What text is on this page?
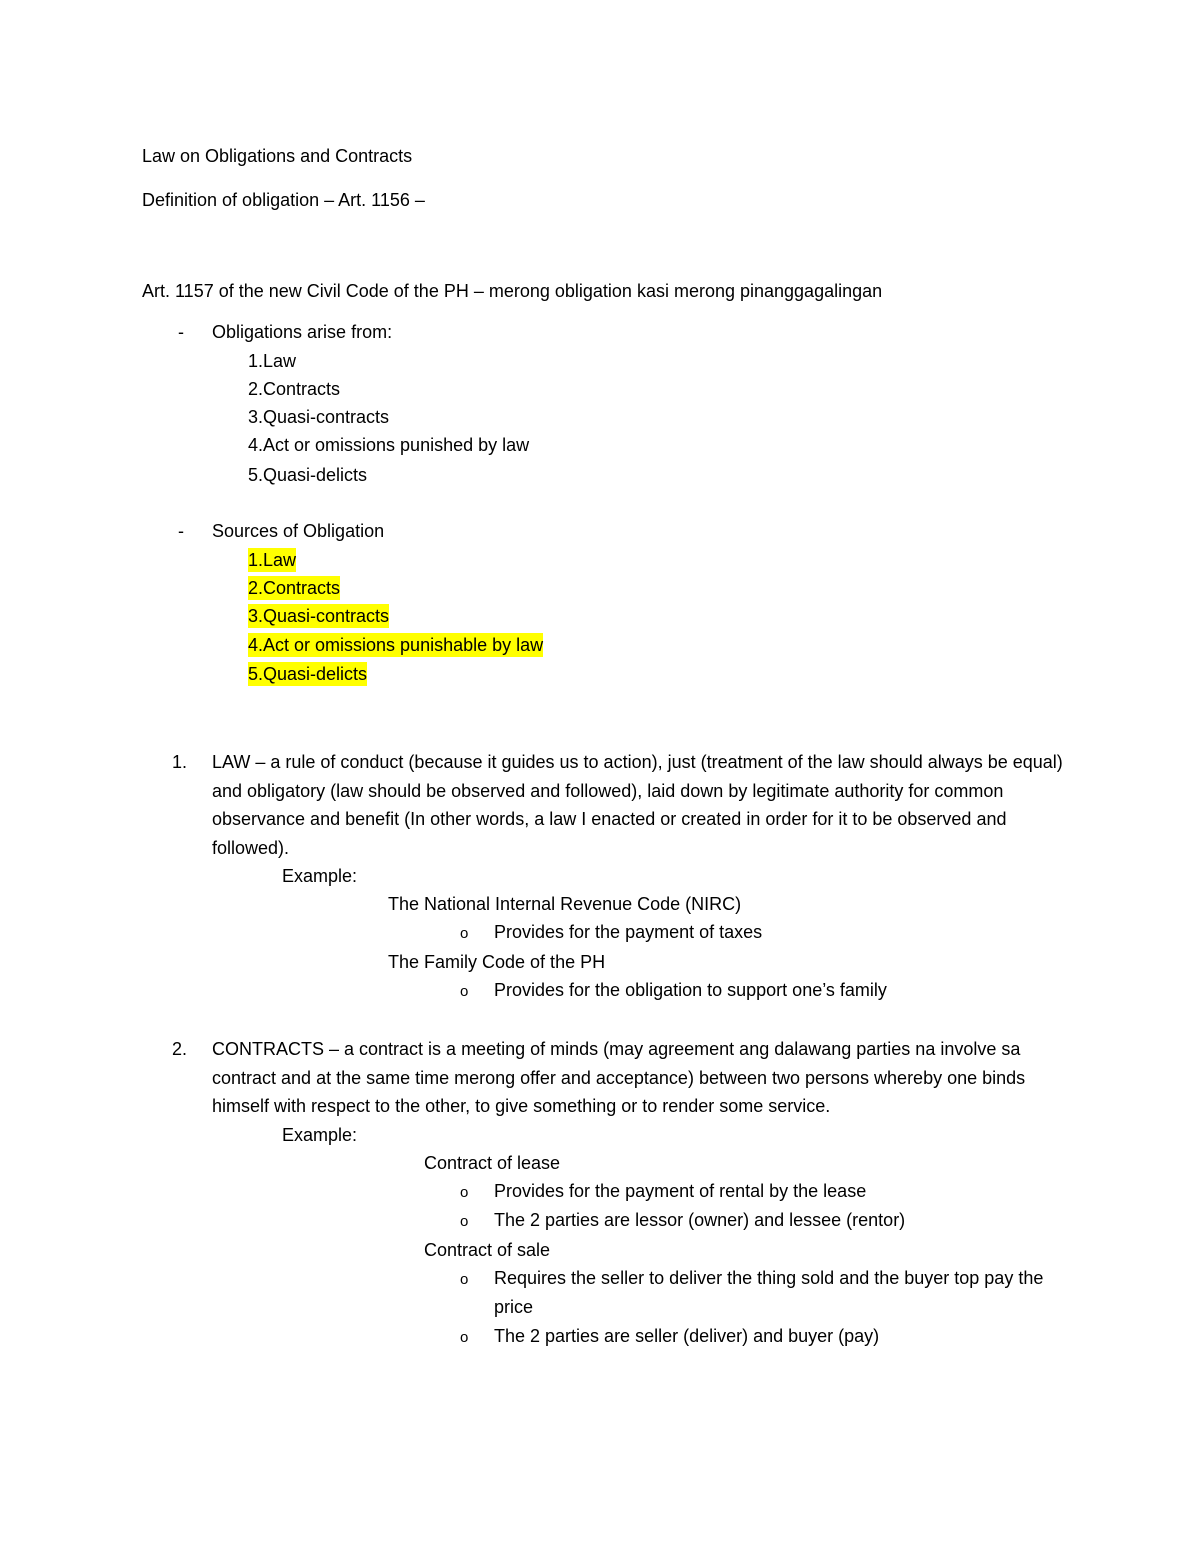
Law on Obligations and Contracts
Definition of obligation – Art. 1156 –
Art. 1157 of the new Civil Code of the PH – merong obligation kasi merong pinanggagalingan
- Obligations arise from:
1.Law
2.Contracts
3.Quasi-contracts
4.Act or omissions punished by law
5.Quasi-delicts
- Sources of Obligation
1.Law
2.Contracts
3.Quasi-contracts
4.Act or omissions punishable by law
5.Quasi-delicts
1. LAW – a rule of conduct (because it guides us to action), just (treatment of the law should always be equal) and obligatory (law should be observed and followed), laid down by legitimate authority for common observance and benefit (In other words, a law I enacted or created in order for it to be observed and followed).
Example:
The National Internal Revenue Code (NIRC)
o Provides for the payment of taxes
The Family Code of the PH
o Provides for the obligation to support one’s family
2. CONTRACTS – a contract is a meeting of minds (may agreement ang dalawang parties na involve sa contract and at the same time merong offer and acceptance) between two persons whereby one binds himself with respect to the other, to give something or to render some service.
Example:
Contract of lease
o Provides for the payment of rental by the lease
o The 2 parties are lessor (owner) and lessee (rentor)
Contract of sale
o Requires the seller to deliver the thing sold and the buyer top pay the price
o The 2 parties are seller (deliver) and buyer (pay)
